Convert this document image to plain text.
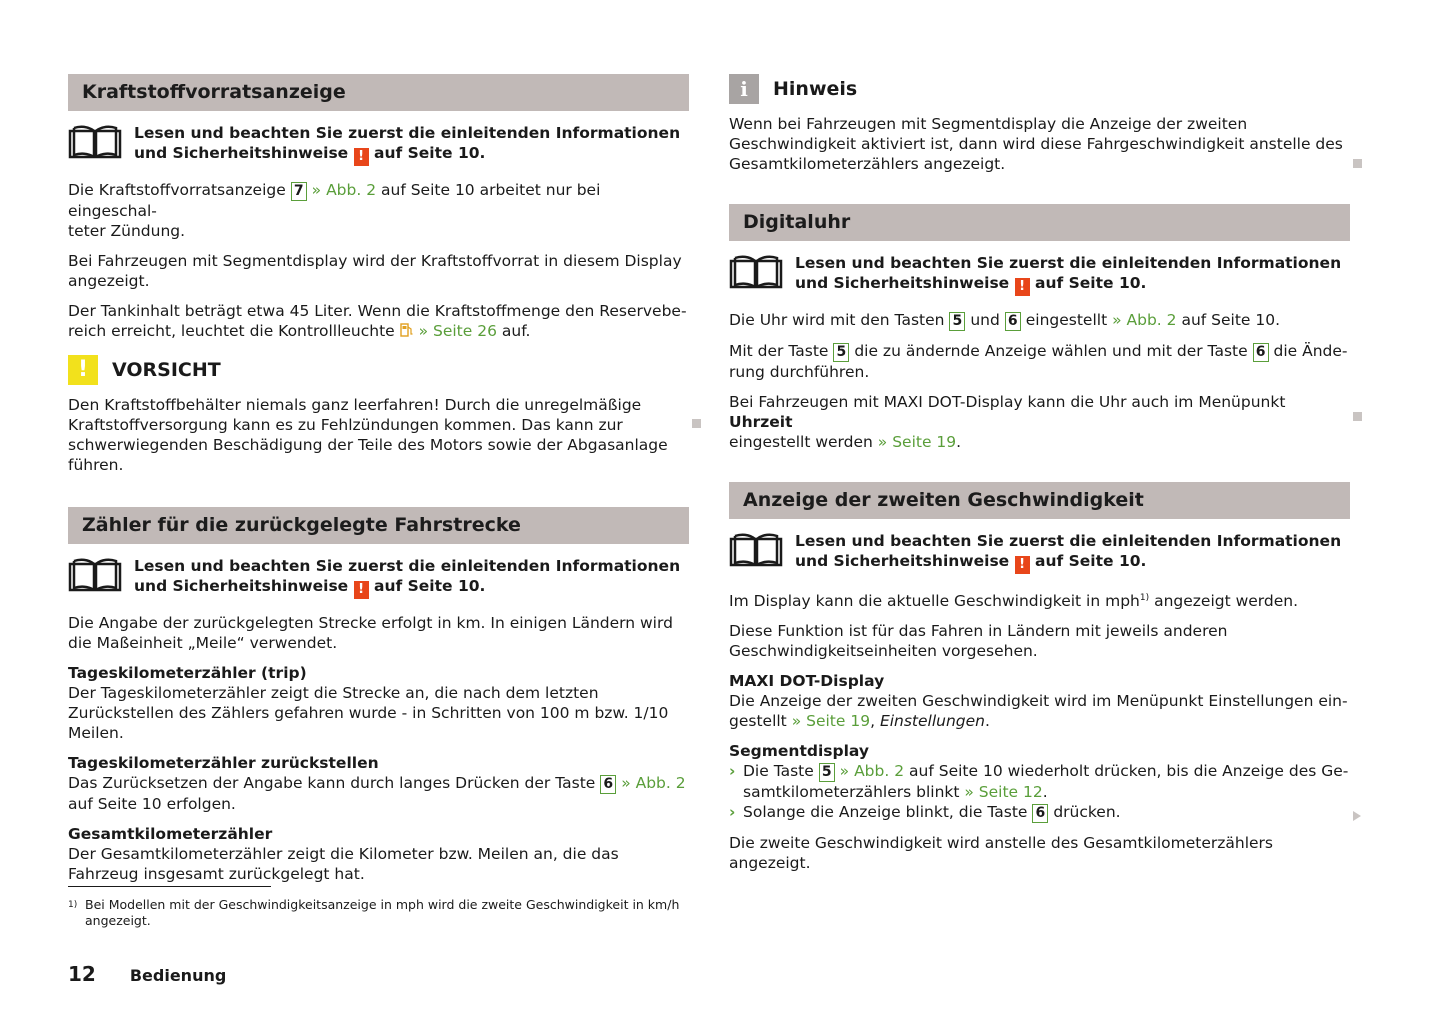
Kraftstoffvorratsanzeige
Lesen und beachten Sie zuerst die einleitenden Informationen und Sicherheitshinweise ! auf Seite 10.

Die Kraftstoffvorratsanzeige 7 » Abb. 2 auf Seite 10 arbeitet nur bei eingeschal-
teter Zündung.

Bei Fahrzeugen mit Segmentdisplay wird der Kraftstoffvorrat in diesem Display angezeigt.

Der Tankinhalt beträgt etwa 45 Liter. Wenn die Kraftstoffmenge den Reservebe-
reich erreicht, leuchtet die Kontrollleuchte » Seite 26 auf.

!	VORSICHT

Den Kraftstoffbehälter niemals ganz leerfahren! Durch die unregelmäßige Kraftstoffversorgung kann es zu Fehlzündungen kommen. Das kann zur schwerwiegenden Beschädigung der Teile des Motors sowie der Abgasanlage führen.

Zähler für die zurückgelegte Fahrstrecke
Lesen und beachten Sie zuerst die einleitenden Informationen und Sicherheitshinweise ! auf Seite 10.

Die Angabe der zurückgelegten Strecke erfolgt in km. In einigen Ländern wird die Maßeinheit „Meile“ verwendet.

Tageskilometerzähler (trip)

Der Tageskilometerzähler zeigt die Strecke an, die nach dem letzten Zurückstellen des Zählers gefahren wurde - in Schritten von 100 m bzw. 1/10 Meilen.

Tageskilometerzähler zurückstellen

Das Zurücksetzen der Angabe kann durch langes Drücken der Taste 6 » Abb. 2
auf Seite 10 erfolgen.

Gesamtkilometerzähler

Der Gesamtkilometerzähler zeigt die Kilometer bzw. Meilen an, die das Fahrzeug insgesamt zurückgelegt hat.

i	Hinweis

Wenn bei Fahrzeugen mit Segmentdisplay die Anzeige der zweiten Geschwindigkeit aktiviert ist, dann wird diese Fahrgeschwindigkeit anstelle des Gesamtkilometerzählers angezeigt.

Digitaluhr
Lesen und beachten Sie zuerst die einleitenden Informationen und Sicherheitshinweise ! auf Seite 10.

Die Uhr wird mit den Tasten 5 und 6 eingestellt » Abb. 2 auf Seite 10.

Mit der Taste 5 die zu ändernde Anzeige wählen und mit der Taste 6 die Ände-
rung durchführen.

Bei Fahrzeugen mit MAXI DOT-Display kann die Uhr auch im Menüpunkt Uhrzeit
eingestellt werden » Seite 19.

Anzeige der zweiten Geschwindigkeit
Lesen und beachten Sie zuerst die einleitenden Informationen und Sicherheitshinweise ! auf Seite 10.

Im Display kann die aktuelle Geschwindigkeit in mph$^{1)}$ angezeigt werden.

Diese Funktion ist für das Fahren in Ländern mit jeweils anderen Geschwindigkeitseinheiten vorgesehen.

MAXI DOT-Display

Die Anzeige der zweiten Geschwindigkeit wird im Menüpunkt Einstellungen ein-
gestellt » Seite 19, Einstellungen.

Segmentdisplay

› Die Taste 5 » Abb. 2 auf Seite 10 wiederholt drücken, bis die Anzeige des Ge-
samtkilometerzählers blinkt » Seite 12.
› Solange die Anzeige blinkt, die Taste 6 drücken.

Die zweite Geschwindigkeit wird anstelle des Gesamtkilometerzählers angezeigt.

1) Bei Modellen mit der Geschwindigkeitsanzeige in mph wird die zweite Geschwindigkeit in km/h angezeigt.
12 Bedienung
